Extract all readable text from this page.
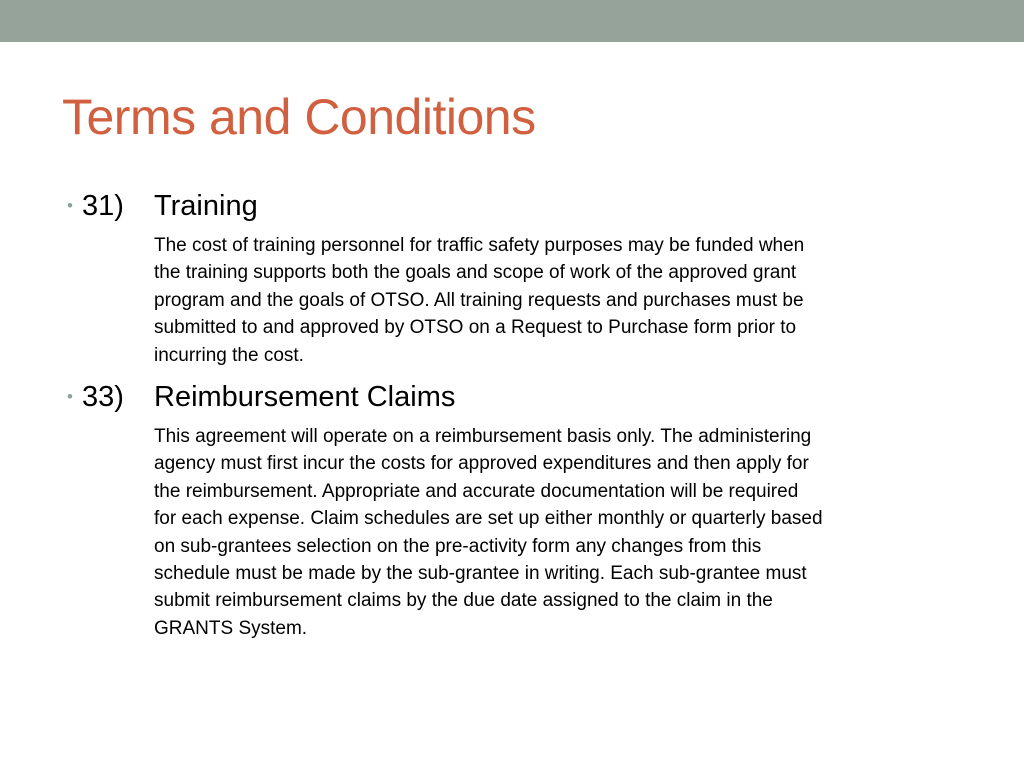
Terms and Conditions
• 31) Training
The cost of training personnel for traffic safety purposes may be funded when
the training supports both the goals and scope of work of the approved grant
program and the goals of OTSO. All training requests and purchases must be
submitted to and approved by OTSO on a Request to Purchase form prior to
incurring the cost.
• 33) Reimbursement Claims
This agreement will operate on a reimbursement basis only. The administering
agency must first incur the costs for approved expenditures and then apply for
the reimbursement. Appropriate and accurate documentation will be required
for each expense. Claim schedules are set up either monthly or quarterly based
on sub-grantees selection on the pre-activity form any changes from this
schedule must be made by the sub-grantee in writing. Each sub-grantee must
submit reimbursement claims by the due date assigned to the claim in the
GRANTS System.
